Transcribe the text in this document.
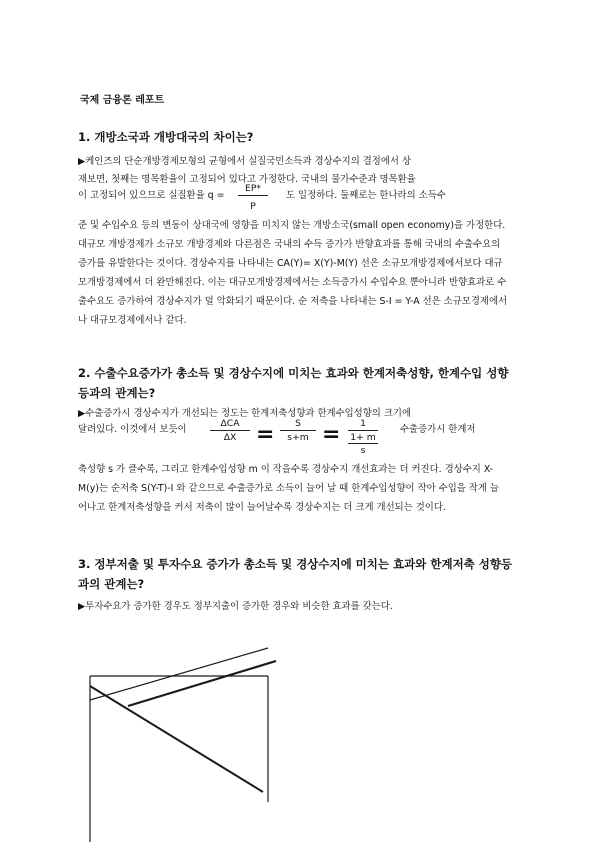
국제 금융론 레포트
1. 개방소국과 개방대국의 차이는?
▶케인즈의 단순개방경제모형의 균형에서 실질국민소득과 경상수지의 결정에서 상
재보면, 첫째는 명목환율이 고정되어 있다고 가정한다. 국내의 물가수준과 명목환율
이 고정되어 있으므로 실질환율 $q = \frac{EP*}{P}$ 도 일정하다. 둘째로는 한나라의 소득수
준 및 수입수요 등의 변동이 상대국에 영향을 미치지 않는 개방소국(small open economy)을 가정한다. 대규모 개방경제가 소규모 개방경제와 다른점은 국내의 수득 증가가 반향효과를 통해 국내의 수출수요의 증가를 유발한다는 것이다. 경상수지를 나타내는 CA(Y)= X(Y)-M(Y) 선은 소규모개방경제에서보다 대규모개방경제에서 더 완만해진다. 이는 대규모개방경제에서는 소득증가시 수입수요 뿐아니라 반향효과로 수출수요도 증가하여 경상수지가 덜 악화되기 때문이다. 순 저축을 나타내는 S-I = Y-A 선은 소규모경제에서나 대규모경제에서나 같다.
2. 수출수요증가가 총소득 및 경상수지에 미치는 효과와 한계저축성향, 한계수입 성향등과의 관계는?
▶수출증가시 경상수지가 개선되는 정도는 한계저축성향과 한계수입성향의 크기에
달려있다. 이것에서 보듯이
ΔCA
$\Delta X = \frac{S}{s+m}$ =	1
1+ m
s
수출증가시 한계저
축성향 s 가 클수록, 그리고 한계수입성향 m 이 작을수록 경상수지 개선효과는 더 커진다. 경상수지 X-M(y)는 순저축 S(Y-T)-I 와 같으므로 수출증가로 소득이 늘어 날 때 한계수입성향이 작아 수입을 작게 늘어나고 한계저축성향을 커서 저축이 많이 늘어날수록 경상수지는 더 크게 개선되는 것이다.
3. 정부저출 및 투자수요 증가가 총소득 및 경상수지에 미치는 효과와 한계저축 성향등과의 관계는?
▶투자수요가 증가한 경우도 정부지출이 증가한 경우와 비슷한 효과를 갖는다.
